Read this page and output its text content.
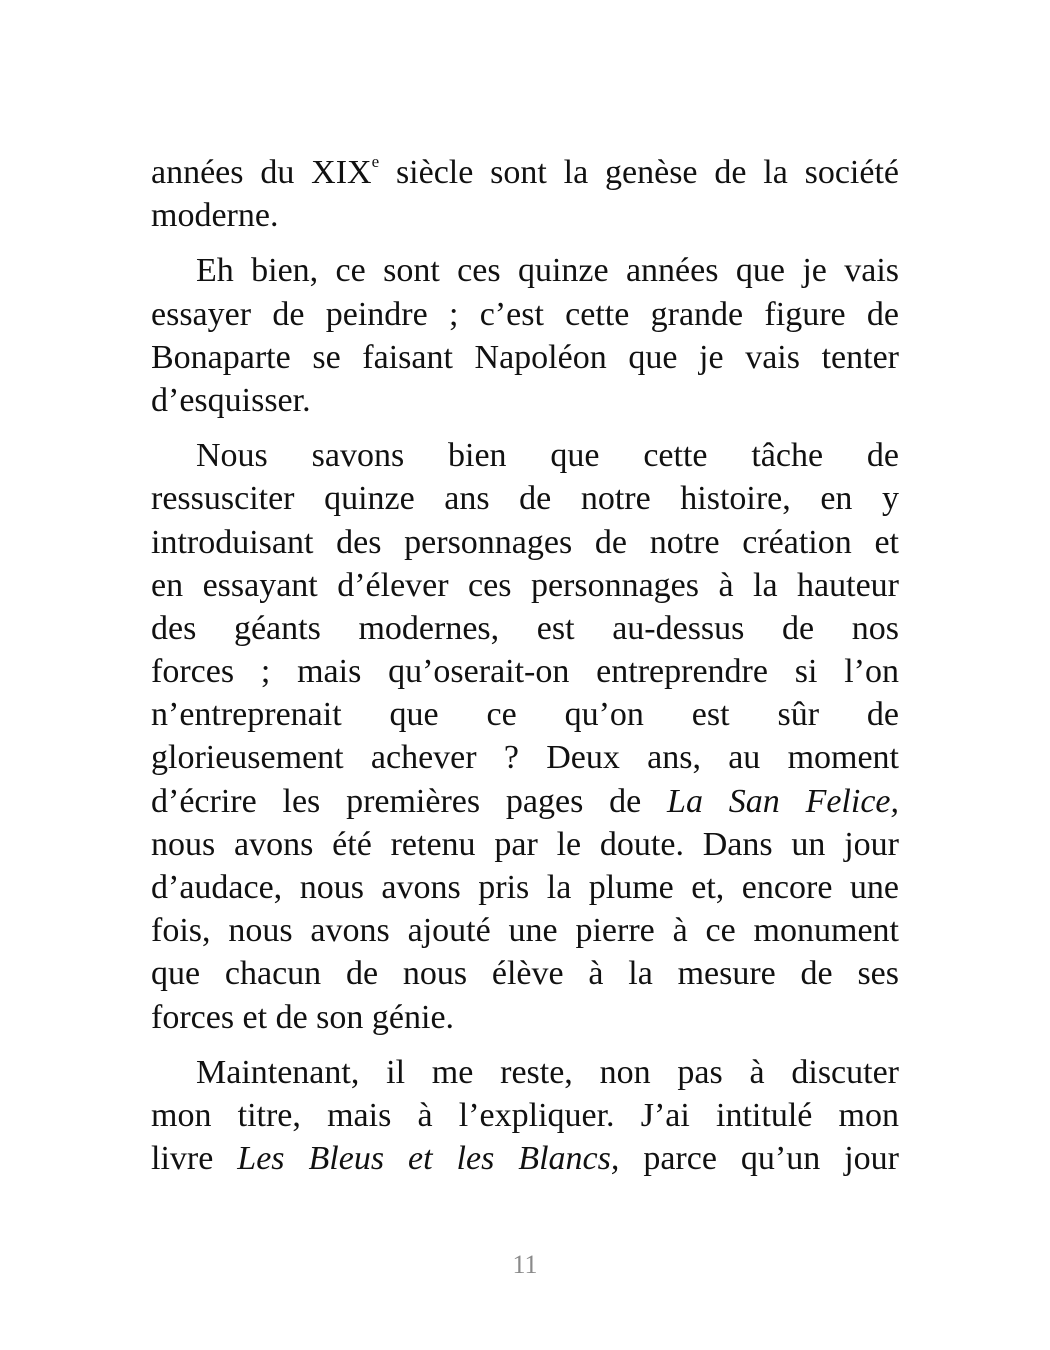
années du XIXe siècle sont la genèse de la société
moderne.
Eh bien, ce sont ces quinze années que je vais
essayer de peindre ; c’est cette grande figure de
Bonaparte se faisant Napoléon que je vais tenter
d’esquisser.
Nous savons bien que cette tâche de
ressusciter quinze ans de notre histoire, en y
introduisant des personnages de notre création et
en essayant d’élever ces personnages à la hauteur
des géants modernes, est au-dessus de nos
forces ; mais qu’oserait-on entreprendre si l’on
n’entreprenait que ce qu’on est sûr de
glorieusement achever ? Deux ans, au moment
d’écrire les premières pages de La San Felice,
nous avons été retenu par le doute. Dans un jour
d’audace, nous avons pris la plume et, encore une
fois, nous avons ajouté une pierre à ce monument
que chacun de nous élève à la mesure de ses
forces et de son génie.
Maintenant, il me reste, non pas à discuter
mon titre, mais à l’expliquer. J’ai intitulé mon
livre Les Bleus et les Blancs, parce qu’un jour
11
